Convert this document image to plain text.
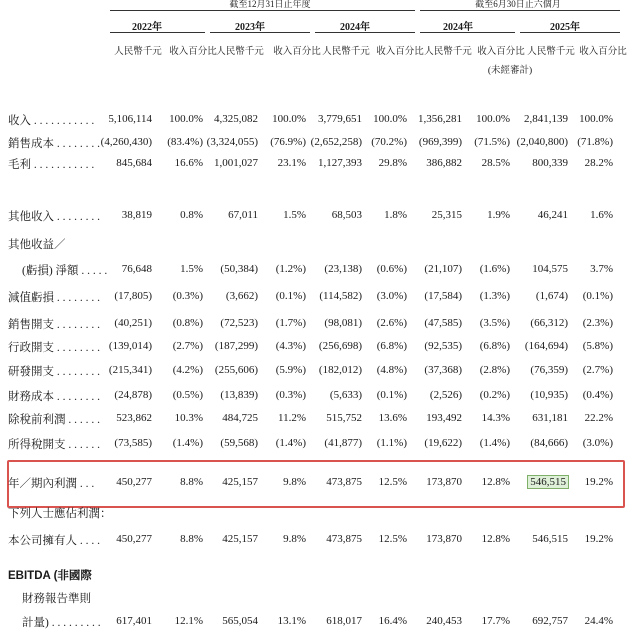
截至12月31日止年度	截至6月30日止六個月
2022年	2023年	2024年	2024年	2025年
人民幣千元 收入百分比 人民幣千元 收入百分比 人民幣千元 收入百分比 人民幣千元 收入百分比 人民幣千元 收入百分比
(未經審計)
收入 . . . . . . . . . . . 5,106,114 100.0% 4,325,082 100.0% 3,779,651 100.0% 1,356,281 100.0% 2,841,139 100.0%
銷售成本 . . . . . . . . (4,260,430) (83.4%) (3,324,055) (76.9%) (2,652,258) (70.2%) (969,399) (71.5%) (2,040,800) (71.8%)
毛利 . . . . . . . . . . . 845,684 16.6% 1,001,027 23.1% 1,127,393 29.8% 386,882 28.5% 800,339 28.2%
其他收入 . . . . . . . . 38,819	0.8% 67,011 1.5% 68,503 1.8% 25,315 1.9%	46,241 1.6%
其他收益／
(虧損) 淨額 . . . . . 76,648	1.5% (50,384) (1.2%) (23,138) (0.6%) (21,107) (1.6%) 104,575 3.7%
減值虧損 . . . . . . . . (17,805) (0.3%) (3,662) (0.1%) (114,582) (3.0%) (17,584) (1.3%) (1,674) (0.1%)
銷售開支 . . . . . . . . (40,251) (0.8%) (72,523) (1.7%) (98,081) (2.6%) (47,585) (3.5%) (66,312) (2.3%)
行政開支 . . . . . . . . (139,014) (2.7%) (187,299) (4.3%) (256,698) (6.8%) (92,535) (6.8%) (164,694) (5.8%)
研發開支 . . . . . . . . (215,341) (4.2%) (255,606) (5.9%) (182,012) (4.8%) (37,368) (2.8%) (76,359) (2.7%)
財務成本 . . . . . . . . (24,878) (0.5%) (13,839) (0.3%) (5,633) (0.1%) (2,526) (0.2%) (10,935) (0.4%)
除稅前利潤 . . . . . . 523,862 10.3% 484,725 11.2% 515,752 13.6% 193,492 14.3% 631,181 22.2%
所得稅開支 . . . . . . (73,585) (1.4%) (59,568) (1.4%) (41,877) (1.1%) (19,622) (1.4%) (84,666) (3.0%)
年／期內利潤 . . . 450,277	8.8% 425,157 9.8% 473,875 12.5% 173,870 12.8% 546,515 19.2%
下列人士應佔利潤：
本公司擁有人 . . . . 450,277	8.8% 425,157 9.8% 473,875 12.5% 173,870 12.8% 546,515 19.2%
EBITDA (非國際
財務報告準則
計量) . . . . . . . . . 617,401 12.1% 565,054 13.1% 618,017 16.4% 240,453 17.7% 692,757 24.4%
